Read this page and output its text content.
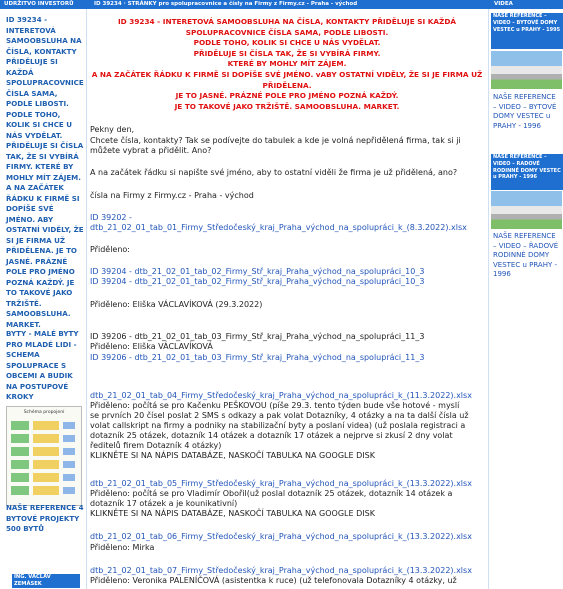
UDRŽITVO INVESTORŮ	ID 39234 · STRÁNKY pro spolupracovnice a čísly na Firmy z Firmy.cz - Praha - východ	VIDEA
ID 39234 - INTERETOVÁ SAMOOBSLUHA NA ČÍSLA, KONTAKTY PŘIDĚLUJE SI KAŽDÁ SPOLUPRACOVNICE ČÍSLA SAMA, PODLE LIBOSTI. PODLE TOHO, KOLIK SI CHCE U NÁS VYDĚLAT. PŘIDĚLUJE SI ČÍSLA TAK, ŽE SI VYBÍRÁ FIRMY. KTERÉ BY MOHLY MÍT ZÁJEM. A NA ZAČÁTEK ŘÁDKU K FIRMĚ SI DOPÍŠE SVÉ JMÉNO. ABY OSTATNÍ VIDĚLY, ŽE SI JE FIRMA UŽ PŘIDĚLENA. JE TO JASNÉ. PRÁZNÉ POLE PRO JMÉNO POZNÁ KAŽDÝ. JE TO TAKOVÉ JAKO TRŽIŠTĚ. SAMOOBSLUHA. MARKET.
BYTY - MALÉ BYTY PRO MLADÉ LIDI - SCHEMA SPOLUPRACE S OBCEMI A BUDIK NA POSTUPOVÉ KROKY
Schéma propojení
NAŠE REFERENCE 4 BYTOVÉ PROJEKTY 500 BYTŮ
ING. VÁCLAV ZEMÁSEK
ID 39234 - INTERETOVÁ SAMOOBSLUHA NA ČÍSLA, KONTAKTY PŘIDĚLUJE SI KAŽDÁ
SPOLUPRACOVNICE ČÍSLA SAMA, PODLE LIBOSTI.
PODLE TOHO, KOLIK SI CHCE U NÁS VYDĚLAT.
PŘIDĚLUJE SI ČÍSLA TAK, ŽE SI VYBÍRÁ FIRMY.
KTERÉ BY MOHLY MÍT ZÁJEM.
A NA ZAČÁTEK ŘÁDKU K FIRMĚ SI DOPÍŠE SVÉ JMÉNO. vABY OSTATNÍ VIDĚLY, ŽE SI JE FIRMA UŽ
PŘIDĚLENA.
JE TO JASNÉ. PRÁZNÉ POLE PRO JMÉNO POZNÁ KAŽDÝ.
JE TO TAKOVÉ JAKO TRŽIŠTĚ. SAMOOBSLUHA. MARKET.
Pekny den,
Chcete čísla, kontakty? Tak se podívejte do tabulek a kde je volná nepřidělená firma, tak si ji
můžete vybrat a přidělit. Ano?
A na začátek řádku si napište své jméno, aby to ostatní viděli že firma je už přidělená, ano?
čísla na Firmy z Firmy.cz - Praha - východ
ID 39202 -
dtb_21_02_01_tab_01_Firmy_Středočeský_kraj_Praha_východ_na_spolupráci_k_(8.3.2022).xlsx
Přiděleno:
ID 39204 - dtb_21_02_01_tab_02_Firmy_Stř_kraj_Praha_východ_na_spolupráci_10_3
ID 39204 - dtb_21_02_01_tab_02_Firmy_Stř_kraj_Praha_východ_na_spolupráci_10_3
Přiděleno: Eliška VÁCLAVÍKOVÁ (29.3.2022)
ID 39206 - dtb_21_02_01_tab_03_Firmy_Stř_kraj_Praha_východ_na_spolupráci_11_3
Přiděleno: Eliška VÁCLAVÍKOVÁ
ID 39206 - dtb_21_02_01_tab_03_Firmy_Stř_kraj_Praha_východ_na_spolupráci_11_3
dtb_21_02_01_tab_04_Firmy_Středočeský_kraj_Praha_východ_na_spolupráci_k_(11.3.2022).xlsx
Přiděleno: počítá se pro Kačenku PEŠKOVOU (píše 29.3. tento týden bude vše hotové - myslí
se prvních 20 čísel poslat 2 SMS s odkazy a pak volat Dotazníky, 4 otázky a na ta další čísla už
volat callskript na firmy a podniky na stabilizační byty a poslaní videa) (už poslala registraci a
dotazník 25 otázek, dotazník 14 otázek a dotazník 17 otázek a nejprve si zkusí 2 dny volat
ředitelů firem Dotazník 4 otázky)
KLIKNĚTE SI NA NÁPIS DATABÁZE, NASKOČÍ TABULKA NA GOOGLE DISK
dtb_21_02_01_tab_05_Firmy_Středočeský_kraj_Praha_východ_na_spolupráci_k_(13.3.2022).xlsx
Přiděleno: počítá se pro Vladimír Obořil(už poslal dotazník 25 otázek, dotazník 14 otázek a
dotazník 17 otázek a je kounikativní)
KLIKNĚTE SI NA NÁPIS DATABÁZE, NASKOČÍ TABULKA NA GOOGLE DISK
dtb_21_02_01_tab_06_Firmy_Středočeský_kraj_Praha_východ_na_spolupráci_k_(13.3.2022).xlsx
Přiděleno: Mirka
dtb_21_02_01_tab_07_Firmy_Středočeský_kraj_Praha_východ_na_spolupráci_k_(13.3.2022).xlsx
Přiděleno: Veronika PALENÍČOVÁ (asistentka k ruce) (už telefonovala Dotazníky 4 otázky, už
NAŠE REFERENCE – VIDEO – BYTOVÉ DOMY VESTEC u PRAHY - 1995
NAŠE REFERENCE – VIDEO – BYTOVÉ DOMY VESTEC u PRAHY - 1996
NAŠE REFERENCE – VIDEO – RADOVÉ RODINNÉ DOMY VESTEC u PRAHY - 1996
NAŠE REFERENCE – VIDEO – ŘADOVÉ RODINNÉ DOMY VESTEC u PRAHY - 1996
